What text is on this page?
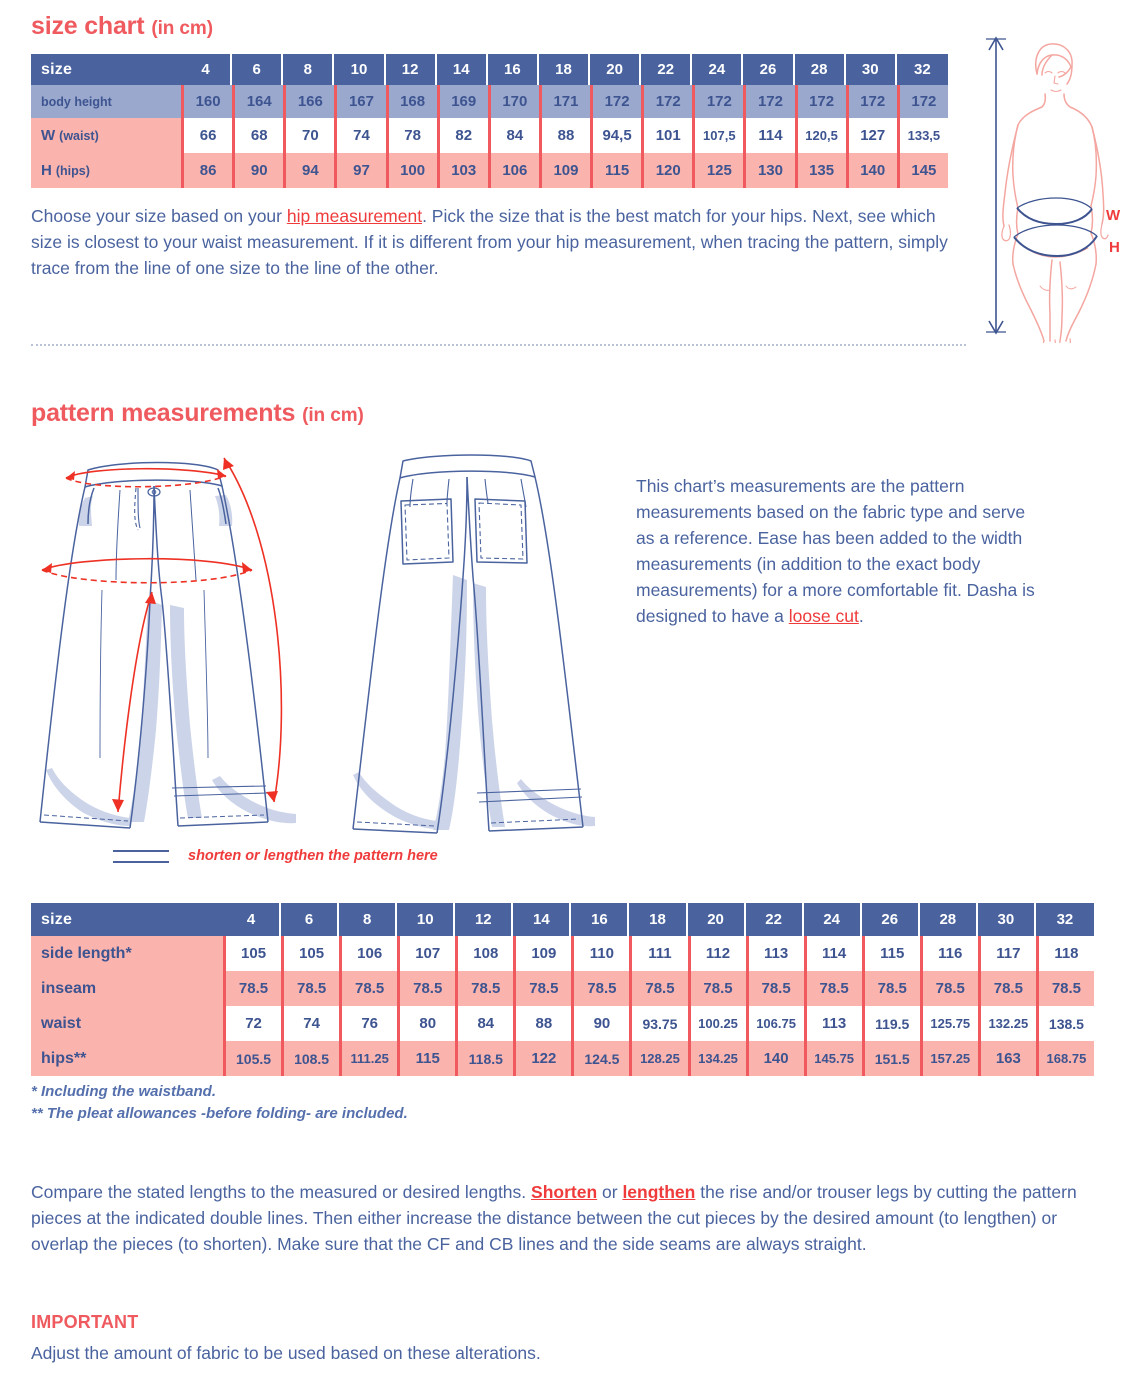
size chart (in cm)
size	4	6	8	10	12	14	16	18	20	22	24	26	28	30	32
body height	160	164	166	167	168	169	170	171	172	172	172	172	172	172	172
W (waist)	66	68	70	74	78	82	84	88	94,5	101	107,5	114	120,5	127	133,5
H (hips)	86	90	94	97	100	103	106	109	115	120	125	130	135	140	145
Choose your size based on your hip measurement. Pick the size that is the best match for your hips. Next, see which size is closest to your waist measurement. If it is different from your hip measurement, when tracing the pattern, simply trace from the line of one size to the line of the other.
W
H
pattern measurements (in cm)
This chart’s measurements are the pattern measurements based on the fabric type and serve as a reference. Ease has been added to the width measurements (in addition to the exact body measurements) for a more comfortable fit. Dasha is designed to have a loose cut.
shorten or lengthen the pattern here
size	4	6	8	10	12	14	16	18	20	22	24	26	28	30	32
side length*	105	105	106	107	108	109	110	111	112	113	114	115	116	117	118
inseam	78.5	78.5	78.5	78.5	78.5	78.5	78.5	78.5	78.5	78.5	78.5	78.5	78.5	78.5	78.5
waist	72	74	76	80	84	88	90	93.75	100.25	106.75	113	119.5	125.75	132.25	138.5
hips**	105.5	108.5	111.25	115	118.5	122	124.5	128.25	134.25	140	145.75	151.5	157.25	163	168.75
* Including the waistband.
** The pleat allowances -before folding- are included.
Compare the stated lengths to the measured or desired lengths. Shorten or lengthen the rise and/or trouser legs by cutting the pattern pieces at the indicated double lines. Then either increase the distance between the cut pieces by the desired amount (to lengthen) or overlap the pieces (to shorten). Make sure that the CF and CB lines and the side seams are always straight.
IMPORTANT
Adjust the amount of fabric to be used based on these alterations.
